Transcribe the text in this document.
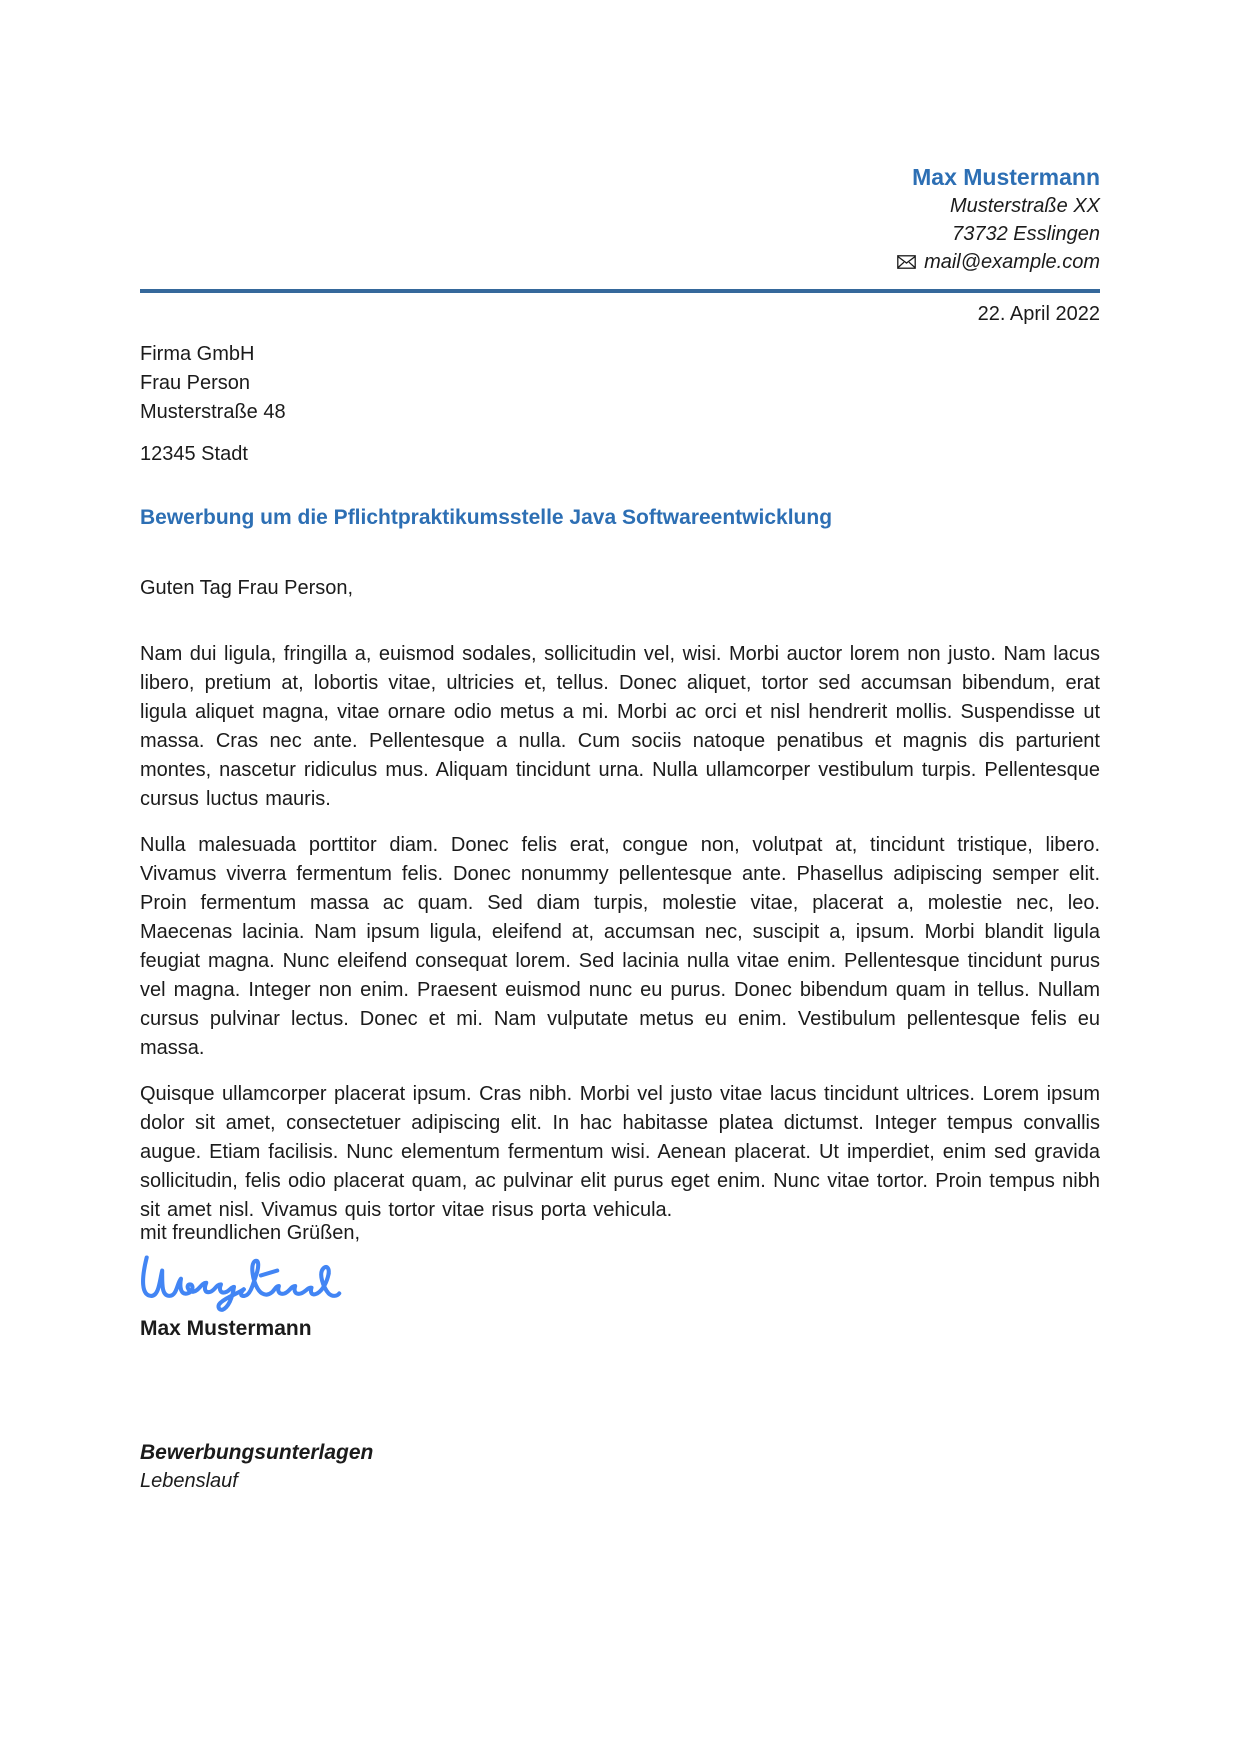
Max Mustermann
Musterstraße XX
73732 Esslingen
mail@example.com
22. April 2022
Firma GmbH
Frau Person
Musterstraße 48
12345 Stadt
Bewerbung um die Pflichtpraktikumsstelle Java Softwareentwicklung
Guten Tag Frau Person,

Nam dui ligula, fringilla a, euismod sodales, sollicitudin vel, wisi. Morbi auctor lorem non justo. Nam lacus libero, pretium at, lobortis vitae, ultricies et, tellus. Donec aliquet, tortor sed accumsan bibendum, erat ligula aliquet magna, vitae ornare odio metus a mi. Morbi ac orci et nisl hendrerit mollis. Suspendisse ut massa. Cras nec ante. Pellentesque a nulla. Cum sociis natoque penatibus et magnis dis parturient montes, nascetur ridiculus mus. Aliquam tincidunt urna. Nulla ullamcorper vestibulum turpis. Pellentesque cursus luctus mauris.

Nulla malesuada porttitor diam. Donec felis erat, congue non, volutpat at, tincidunt tristique, libero. Vivamus viverra fermentum felis. Donec nonummy pellentesque ante. Phasellus adipiscing semper elit. Proin fermentum massa ac quam. Sed diam turpis, molestie vitae, placerat a, molestie nec, leo. Maecenas lacinia. Nam ipsum ligula, eleifend at, accumsan nec, suscipit a, ipsum. Morbi blandit ligula feugiat magna. Nunc eleifend consequat lorem. Sed lacinia nulla vitae enim. Pellentesque tincidunt purus vel magna. Integer non enim. Praesent euismod nunc eu purus. Donec bibendum quam in tellus. Nullam cursus pulvinar lectus. Donec et mi. Nam vulputate metus eu enim. Vestibulum pellentesque felis eu massa.

Quisque ullamcorper placerat ipsum. Cras nibh. Morbi vel justo vitae lacus tincidunt ultrices. Lorem ipsum dolor sit amet, consectetuer adipiscing elit. In hac habitasse platea dictumst. Integer tempus convallis augue. Etiam facilisis. Nunc elementum fermentum wisi. Aenean placerat. Ut imperdiet, enim sed gravida sollicitudin, felis odio placerat quam, ac pulvinar elit purus eget enim. Nunc vitae tortor. Proin tempus nibh sit amet nisl. Vivamus quis tortor vitae risus porta vehicula.

mit freundlichen Grüßen,
Max Mustermann
Bewerbungsunterlagen
Lebenslauf
